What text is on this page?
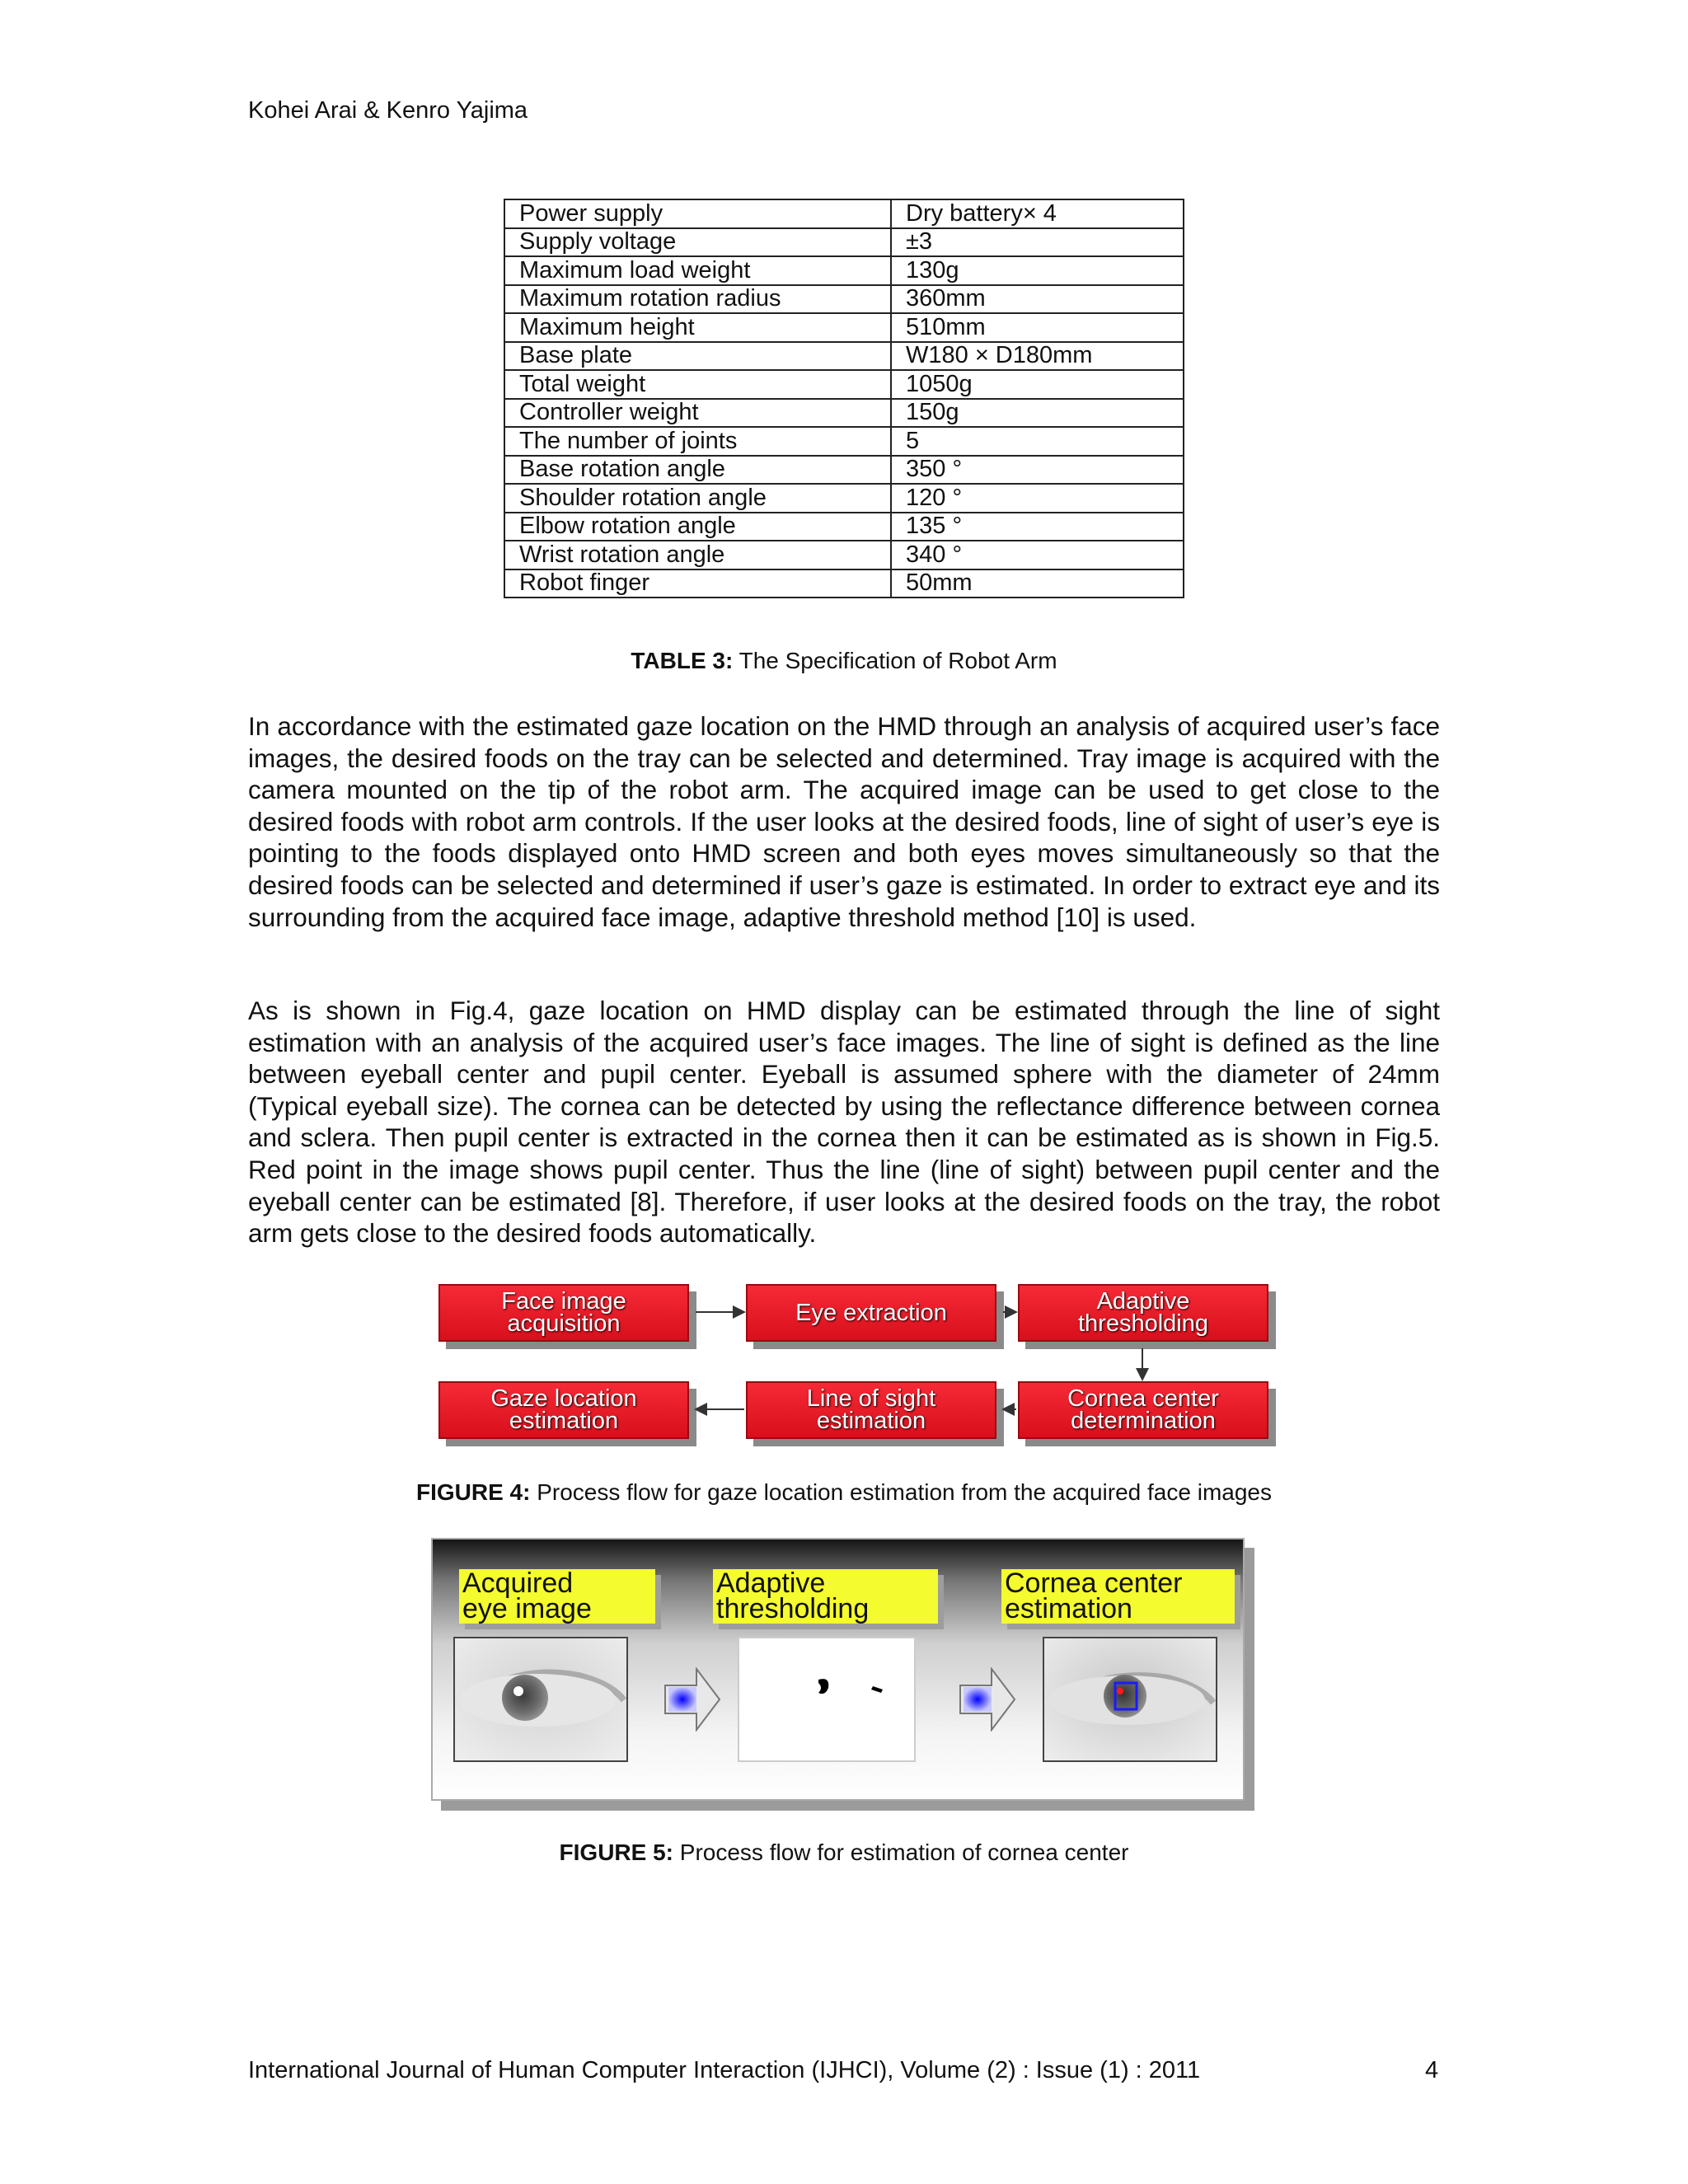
Kohei Arai & Kenro Yajima
Power supply	Dry battery× 4
Supply voltage	±3
Maximum load weight	130g
Maximum rotation radius	360mm
Maximum height	510mm
Base plate	W180 × D180mm
Total weight	1050g
Controller weight	150g
The number of joints	5
Base rotation angle	350 °
Shoulder rotation angle	120 °
Elbow rotation angle	135 °
Wrist rotation angle	340 °
Robot finger	50mm
TABLE 3: The Specification of Robot Arm

In accordance with the estimated gaze location on the HMD through an analysis of acquired user’s face images, the desired foods on the tray can be selected and determined. Tray image is acquired with the camera mounted on the tip of the robot arm. The acquired image can be used to get close to the desired foods with robot arm controls. If the user looks at the desired foods, line of sight of user’s eye is pointing to the foods displayed onto HMD screen and both eyes moves simultaneously so that the desired foods can be selected and determined if user’s gaze is estimated. In order to extract eye and its surrounding from the acquired face image, adaptive threshold method [10] is used.

As is shown in Fig.4, gaze location on HMD display can be estimated through the line of sight estimation with an analysis of the acquired user’s face images. The line of sight is defined as the line between eyeball center and pupil center. Eyeball is assumed sphere with the diameter of 24mm (Typical eyeball size). The cornea can be detected by using the reflectance difference between cornea and sclera. Then pupil center is extracted in the cornea then it can be estimated as is shown in Fig.5. Red point in the image shows pupil center. Thus the line (line of sight) between pupil center and the eyeball center can be estimated [8]. Therefore, if user looks at the desired foods on the tray, the robot arm gets close to the desired foods automatically.

Face image
acquisition	Eye extraction	Adaptive
thresholding
Gaze location
estimation
Line of sight
estimation
Cornea center
determination
FIGURE 4: Process flow for gaze location estimation from the acquired face images
Acquired
eye image
Adaptive
thresholding
Cornea center
estimation
FIGURE 5: Process flow for estimation of cornea center
International Journal of Human Computer Interaction (IJHCI), Volume (2) : Issue (1) : 2011	4
